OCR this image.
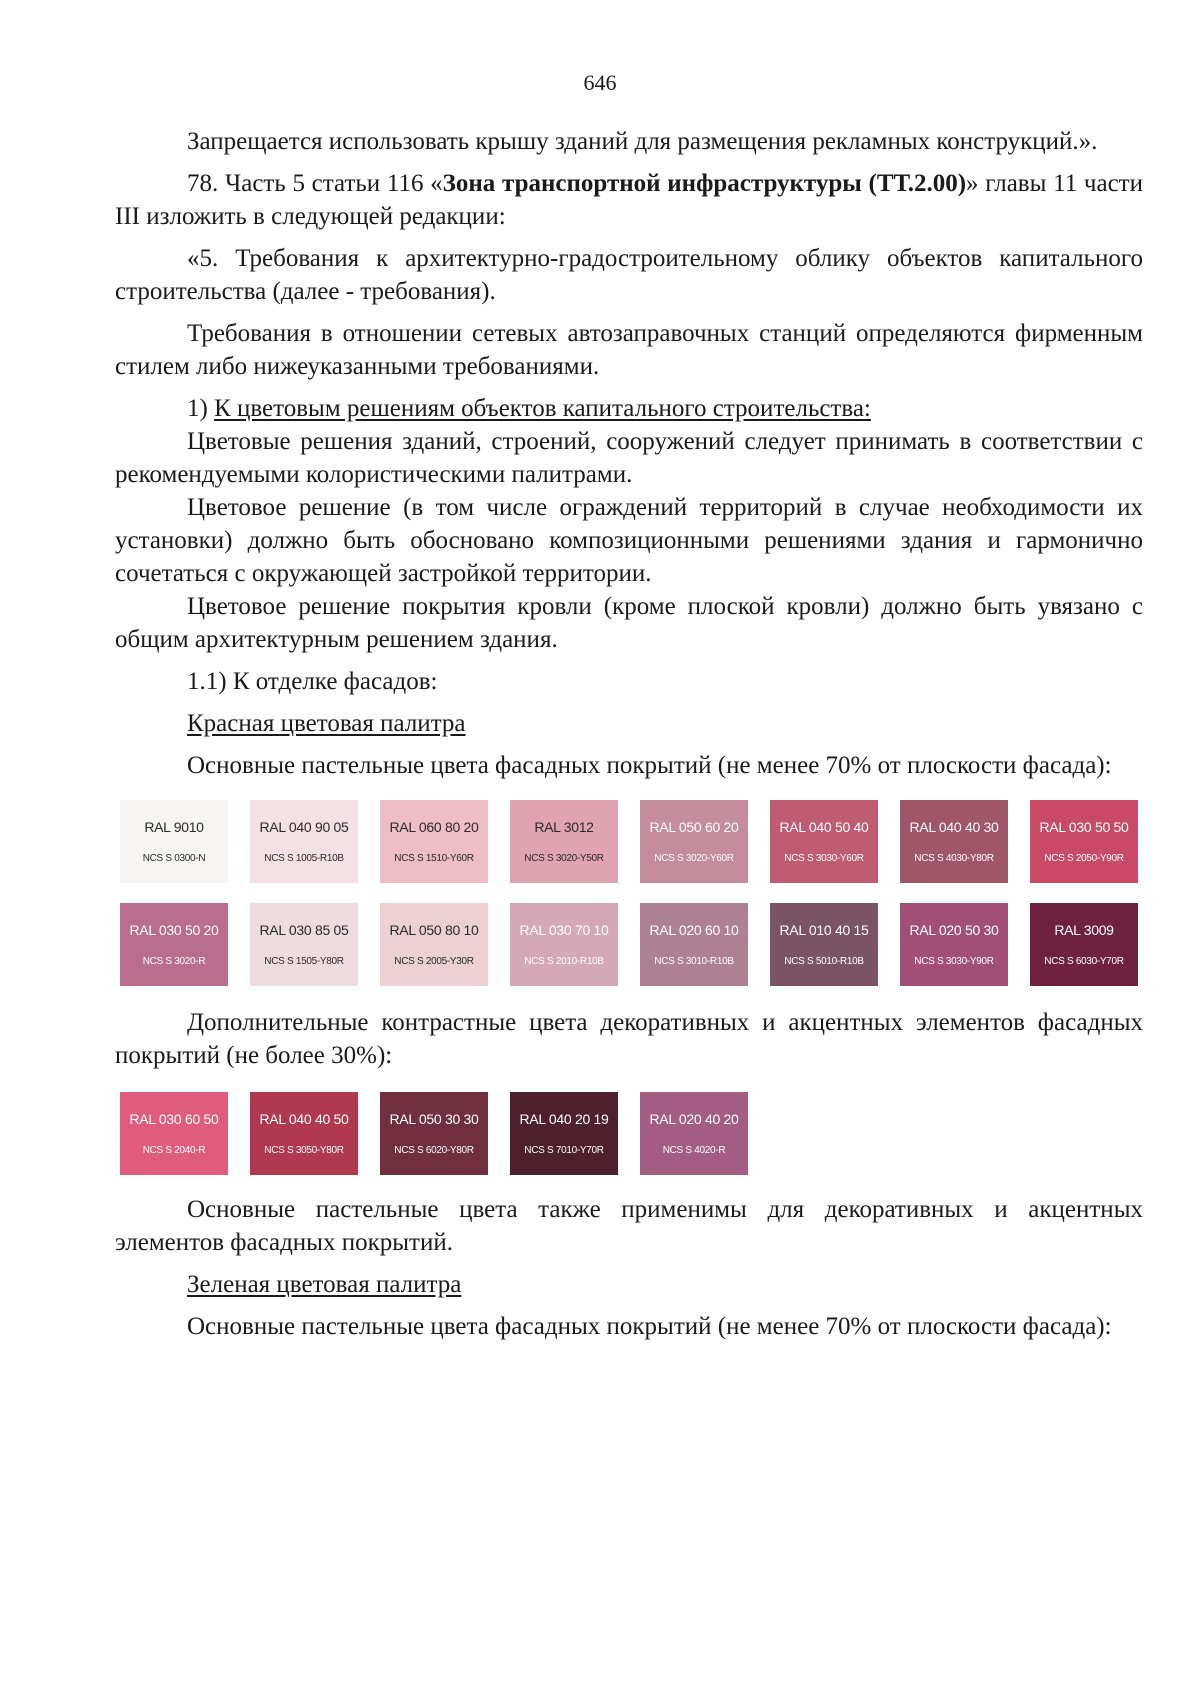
646

Запрещается использовать крышу зданий для размещения рекламных конструкций.».

78. Часть 5 статьи 116 «Зона транспортной инфраструктуры (ТТ.2.00)» главы 11 части III изложить в следующей редакции:

«5. Требования к архитектурно-градостроительному облику объектов капитального строительства (далее - требования).

Требования в отношении сетевых автозаправочных станций определяются фирменным стилем либо нижеуказанными требованиями.

1) К цветовым решениям объектов капитального строительства:

Цветовые решения зданий, строений, сооружений следует принимать в соответствии с рекомендуемыми колористическими палитрами.

Цветовое решение (в том числе ограждений территорий в случае необходимости их установки) должно быть обосновано композиционными решениями здания и гармонично сочетаться с окружающей застройкой территории.

Цветовое решение покрытия кровли (кроме плоской кровли) должно быть увязано с общим архитектурным решением здания.

1.1) К отделке фасадов:

Красная цветовая палитра

Основные пастельные цвета фасадных покрытий (не менее 70% от плоскости фасада):

RAL 9010
NCS S 0300-N
RAL 040 90 05
NCS S 1005-R10B
RAL 060 80 20
NCS S 1510-Y60R
RAL 3012
NCS S 3020-Y50R
RAL 050 60 20
NCS S 3020-Y60R
RAL 040 50 40
NCS S 3030-Y60R
RAL 040 40 30
NCS S 4030-Y80R
RAL 030 50 50
NCS S 2050-Y90R
RAL 030 50 20
NCS S 3020-R
RAL 030 85 05
NCS S 1505-Y80R
RAL 050 80 10
NCS S 2005-Y30R
RAL 030 70 10
NCS S 2010-R10B
RAL 020 60 10
NCS S 3010-R10B
RAL 010 40 15
NCS S 5010-R10B
RAL 020 50 30
NCS S 3030-Y90R
RAL 3009
NCS S 6030-Y70R

Дополнительные контрастные цвета декоративных и акцентных элементов фасадных покрытий (не более 30%):

RAL 030 60 50
NCS S 2040-R
RAL 040 40 50
NCS S 3050-Y80R
RAL 050 30 30
NCS S 6020-Y80R
RAL 040 20 19
NCS S 7010-Y70R
RAL 020 40 20
NCS S 4020-R

Основные пастельные цвета также применимы для декоративных и акцентных элементов фасадных покрытий.

Зеленая цветовая палитра

Основные пастельные цвета фасадных покрытий (не менее 70% от плоскости фасада):
